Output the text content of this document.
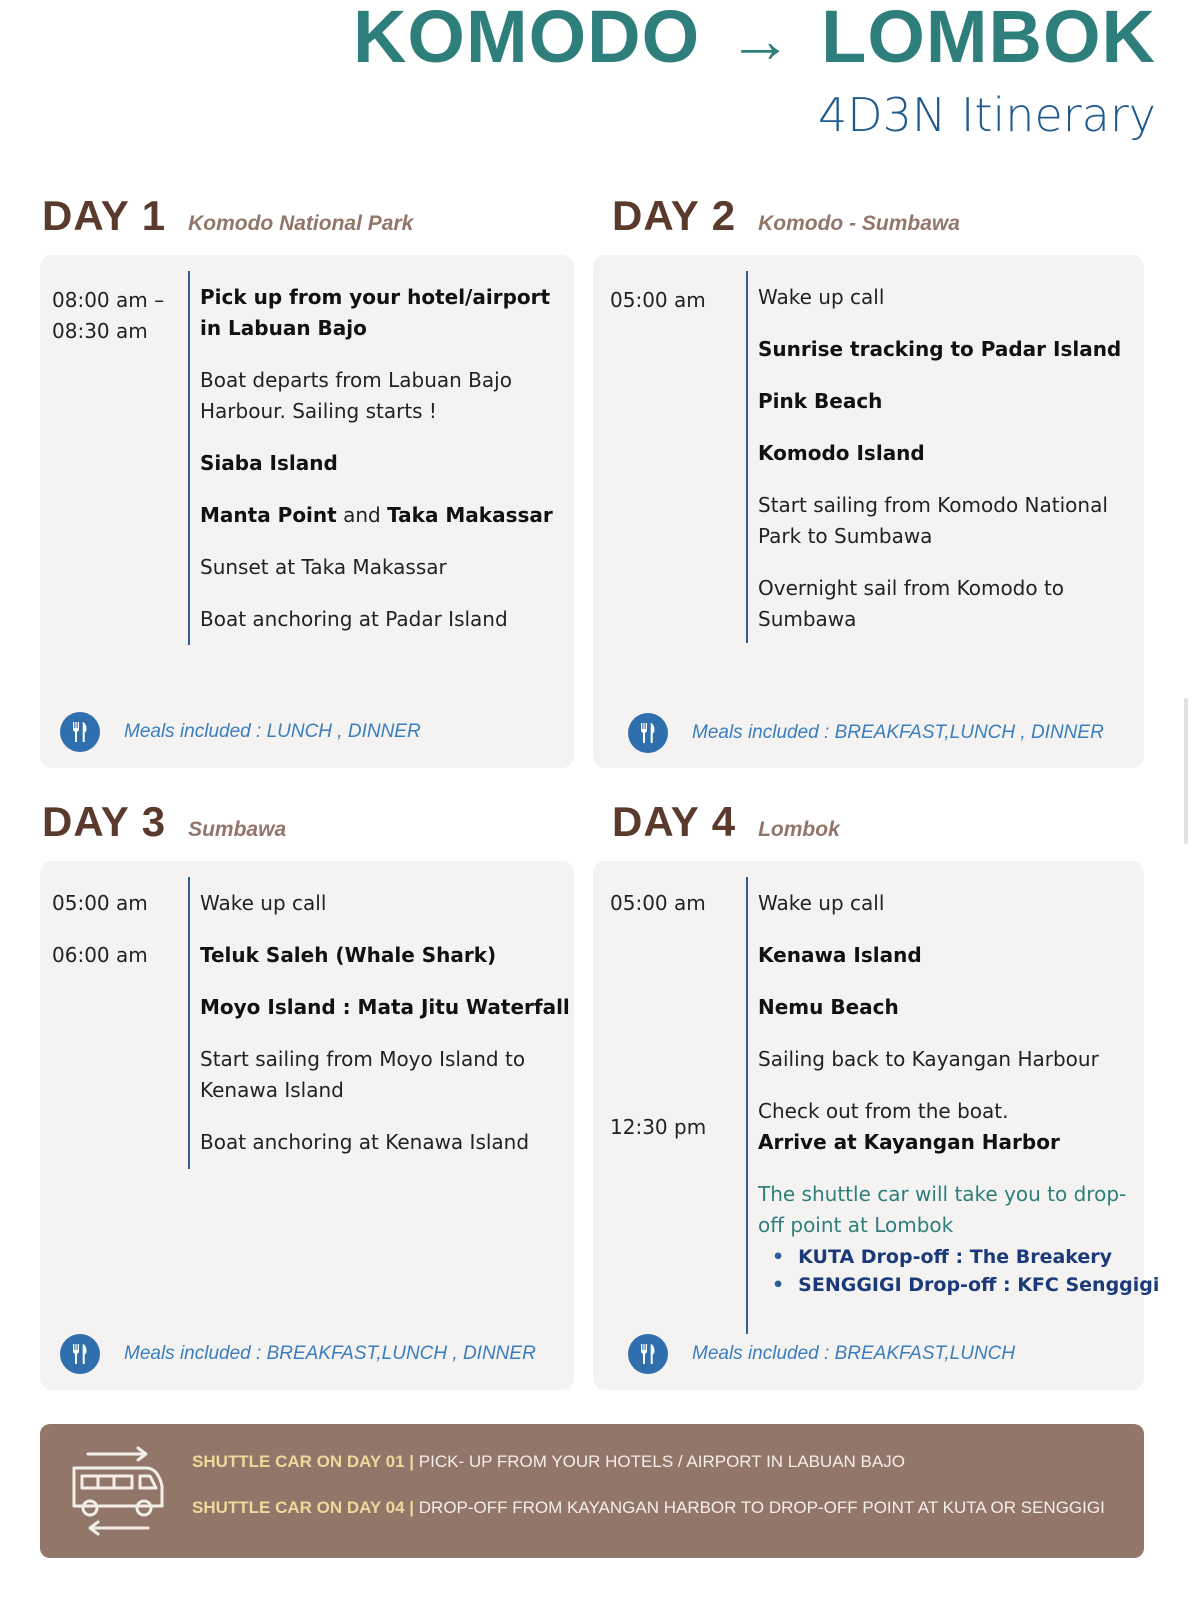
KOMODO → LOMBOK
4D3N Itinerary
DAY 1 Komodo National Park
08:00 am –
08:30 am
Pick up from your hotel/airport in Labuan Bajo
Boat departs from Labuan Bajo Harbour. Sailing starts !
Siaba Island
Manta Point and Taka Makassar
Sunset at Taka Makassar
Boat anchoring at Padar Island
Meals included : LUNCH , DINNER
DAY 2 Komodo - Sumbawa
05:00 am	Wake up call
Sunrise tracking to Padar Island
Pink Beach
Komodo Island
Start sailing from Komodo National Park to Sumbawa
Overnight sail from Komodo to Sumbawa
Meals included : BREAKFAST,LUNCH , DINNER
DAY 3 Sumbawa
05:00 am
06:00 am
Wake up call
Teluk Saleh (Whale Shark)
Moyo Island : Mata Jitu Waterfall
Start sailing from Moyo Island to Kenawa Island
Boat anchoring at Kenawa Island
Meals included : BREAKFAST,LUNCH , DINNER
DAY 4 Lombok
05:00 am
12:30 pm
Wake up call
Kenawa Island
Nemu Beach
Sailing back to Kayangan Harbour
Check out from the boat.
Arrive at Kayangan Harbor
The shuttle car will take you to drop-off point at Lombok
• KUTA Drop-off : The Breakery
• SENGGIGI Drop-off : KFC Senggigi
Meals included : BREAKFAST,LUNCH
SHUTTLE CAR ON DAY 01 | PICK- UP FROM YOUR HOTELS / AIRPORT IN LABUAN BAJO
SHUTTLE CAR ON DAY 04 | DROP-OFF FROM KAYANGAN HARBOR TO DROP-OFF POINT AT KUTA OR SENGGIGI
